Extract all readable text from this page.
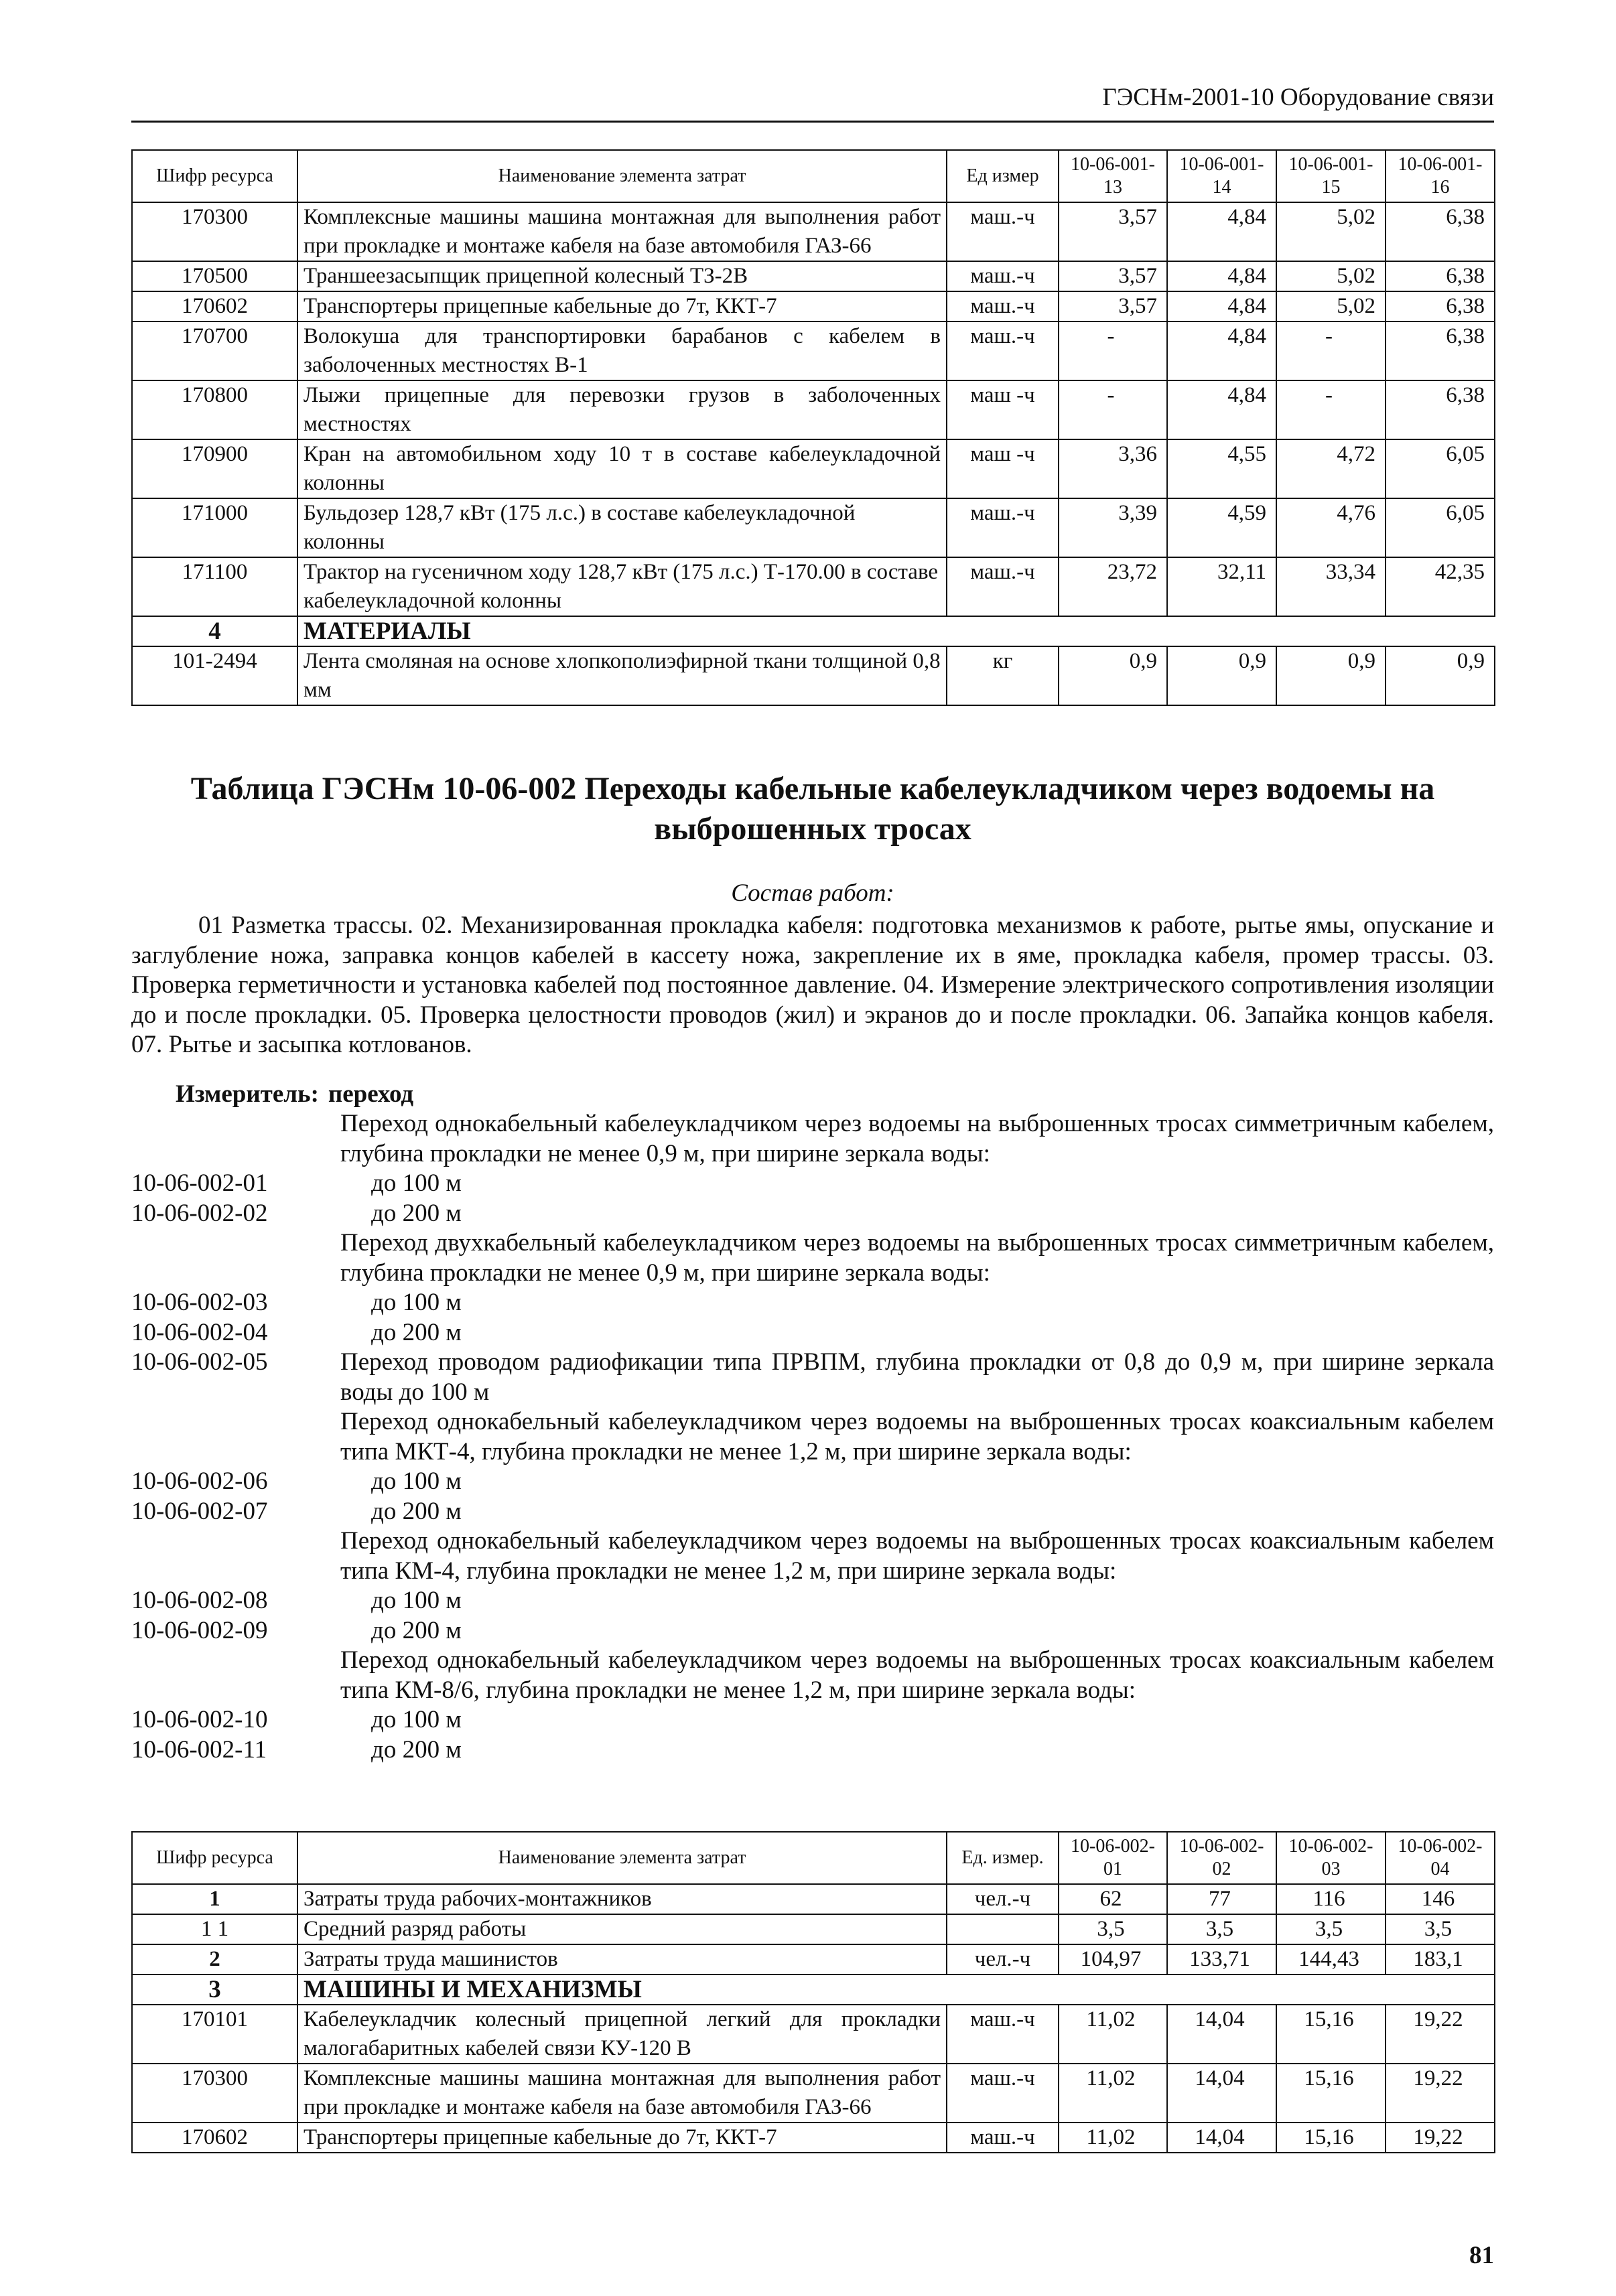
ГЭСНм-2001-10 Оборудование связи
Шифр ресурса	Наименование элемента затрат	Ед измер	10-06-001-13	10-06-001-14	10-06-001-15	10-06-001-16
170300	Комплексные машины машина монтажная для выполнения работ при прокладке и монтаже кабеля на базе автомобиля ГАЗ-66	маш.-ч	3,57	4,84	5,02	6,38
170500	Траншеезасыпщик прицепной колесный ТЗ-2В	маш.-ч	3,57	4,84	5,02	6,38
170602	Транспортеры прицепные кабельные до 7т, ККТ-7	маш.-ч	3,57	4,84	5,02	6,38
170700	Волокуша для транспортировки барабанов с кабелем в заболоченных местностях В-1	маш.-ч	-	4,84	-	6,38
170800	Лыжи прицепные для перевозки грузов в заболоченных местностях	маш -ч	-	4,84	-	6,38
170900	Кран на автомобильном ходу 10 т в составе кабелеукладочной колонны	маш -ч	3,36	4,55	4,72	6,05
171000	Бульдозер 128,7 кВт (175 л.с.) в составе кабелеукладочной колонны	маш.-ч	3,39	4,59	4,76	6,05
171100	Трактор на гусеничном ходу 128,7 кВт (175 л.с.) Т-170.00 в составе кабелеукладочной колонны	маш.-ч	23,72	32,11	33,34	42,35
4	МАТЕРИАЛЫ					
101-2494	Лента смоляная на основе хлопкополиэфирной ткани толщиной 0,8 мм	кг	0,9	0,9	0,9	0,9
Таблица ГЭСНм 10-06-002 Переходы кабельные кабелеукладчиком через водоемы на
выброшенных тросах
Состав работ:

01 Разметка трассы. 02. Механизированная прокладка кабеля: подготовка механизмов к работе, рытье ямы, опускание и заглубление ножа, заправка концов кабелей в кассету ножа, закрепление их в яме, прокладка кабеля, промер трассы. 03. Проверка герметичности и установка кабелей под постоянное давление. 04. Измерение электрического сопротивления изоляции до и после прокладки. 05. Проверка целостности проводов (жил) и экранов до и после прокладки. 06. Запайка концов кабеля. 07. Рытье и засыпка котлованов.

Измеритель: переход
Переход однокабельный кабелеукладчиком через водоемы на выброшенных тросах симметричным кабелем, глубина прокладки не менее 0,9 м, при ширине зеркала воды:
10-06-002-01	до 100 м
10-06-002-02	до 200 м
Переход двухкабельный кабелеукладчиком через водоемы на выброшенных тросах симметричным кабелем, глубина прокладки не менее 0,9 м, при ширине зеркала воды:
10-06-002-03	до 100 м
10-06-002-04	до 200 м
10-06-002-05	Переход проводом радиофикации типа ПРВПМ, глубина прокладки от 0,8 до 0,9 м, при ширине зеркала воды до 100 м
Переход однокабельный кабелеукладчиком через водоемы на выброшенных тросах коаксиальным кабелем типа МКТ-4, глубина прокладки не менее 1,2 м, при ширине зеркала воды:
10-06-002-06	до 100 м
10-06-002-07	до 200 м
Переход однокабельный кабелеукладчиком через водоемы на выброшенных тросах коаксиальным кабелем типа КМ-4, глубина прокладки не менее 1,2 м, при ширине зеркала воды:
10-06-002-08	до 100 м
10-06-002-09	до 200 м
Переход однокабельный кабелеукладчиком через водоемы на выброшенных тросах коаксиальным кабелем типа КМ-8/6, глубина прокладки не менее 1,2 м, при ширине зеркала воды:
10-06-002-10	до 100 м
10-06-002-11	до 200 м
Шифр ресурса	Наименование элемента затрат	Ед. измер.	10-06-002-01	10-06-002-02	10-06-002-03	10-06-002-04
1	Затраты труда рабочих-монтажников	чел.-ч	62	77	116	146
1 1	Средний разряд работы		3,5	3,5	3,5	3,5
2	Затраты труда машинистов	чел.-ч	104,97	133,71	144,43	183,1
3	МАШИНЫ И МЕХАНИЗМЫ					
170101	Кабелеукладчик колесный прицепной легкий для прокладки малогабаритных кабелей связи КУ-120 В	маш.-ч	11,02	14,04	15,16	19,22
170300	Комплексные машины машина монтажная для выполнения работ при прокладке и монтаже кабеля на базе автомобиля ГАЗ-66	маш.-ч	11,02	14,04	15,16	19,22
170602	Транспортеры прицепные кабельные до 7т, ККТ-7	маш.-ч	11,02	14,04	15,16	19,22
81
